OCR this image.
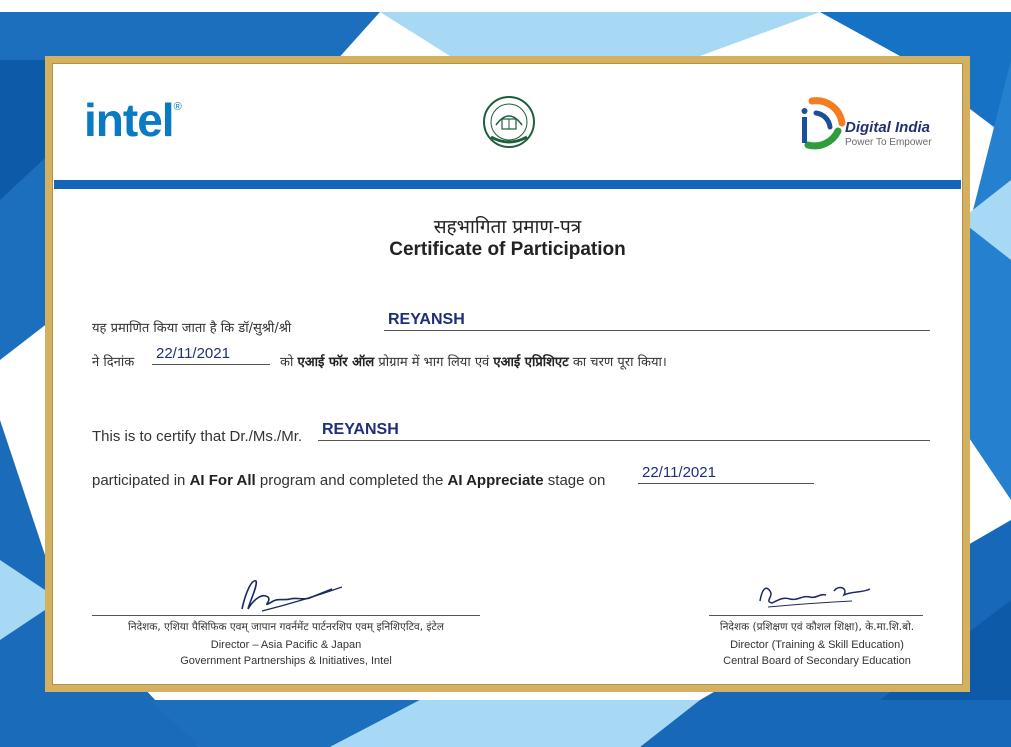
intel®
Digital India
Power To Empower
सहभागिता प्रमाण-पत्र
Certificate of Participation
यह प्रमाणित किया जाता है कि डॉ/सुश्री/श्री
REYANSH
ने दिनांक
22/11/2021
को एआई फॉर ऑल प्रोग्राम में भाग लिया एवं एआई एप्रिशिएट का चरण पूरा किया।
This is to certify that Dr./Ms./Mr. REYANSH
participated in AI For All program and completed the AI Appreciate stage on 22/11/2021
निदेशक, एशिया पैसिफिक एवम् जापान गवर्नमेंट पार्टनरशिप एवम् इनिशिएटिव, इंटेल
Director – Asia Pacific & Japan
Government Partnerships & Initiatives, Intel
निदेशक (प्रशिक्षण एवं कौशल शिक्षा), के.मा.शि.बो.
Director (Training & Skill Education)
Central Board of Secondary Education
